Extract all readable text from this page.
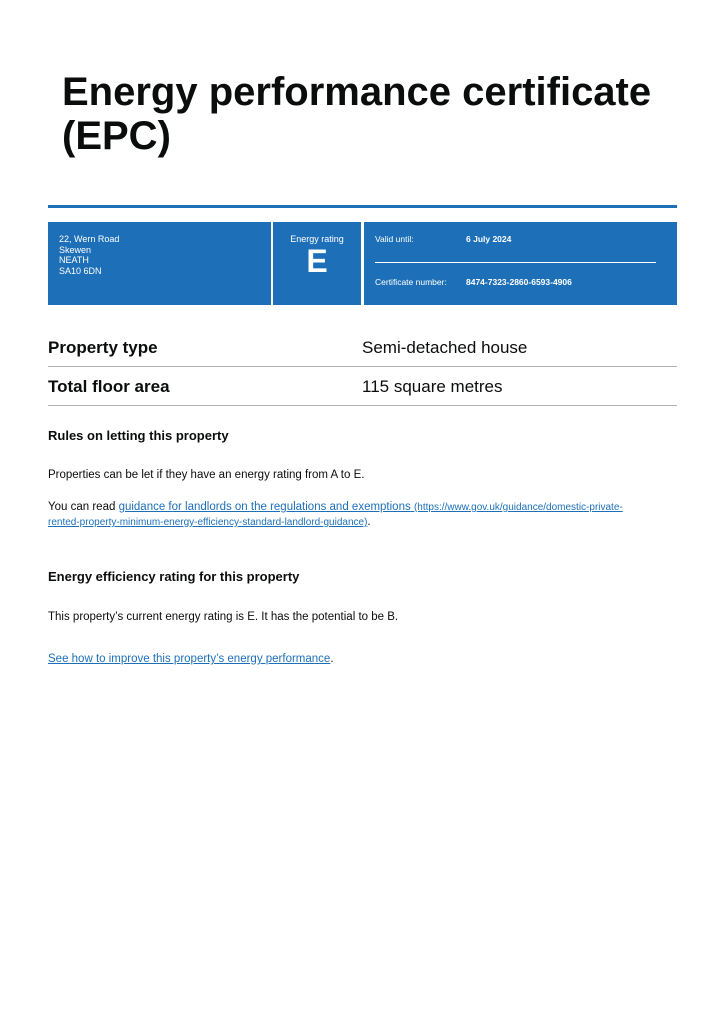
Energy performance certificate (EPC)
22, Wern Road
Skewen
NEATH
SA10 6DN
Energy rating
E
Valid until:	6 July 2024
Certificate number: 8474-7323-2860-6593-4906
Property type	Semi-detached house
Total floor area	115 square metres
Rules on letting this property

Properties can be let if they have an energy rating from A to E.

You can read guidance for landlords on the regulations and exemptions (https://www.gov.uk/guidance/domestic-private-
rented-property-minimum-energy-efficiency-standard-landlord-guidance).

Energy efficiency rating for this property

This property’s current energy rating is E. It has the potential to be B.

See how to improve this property’s energy performance.
